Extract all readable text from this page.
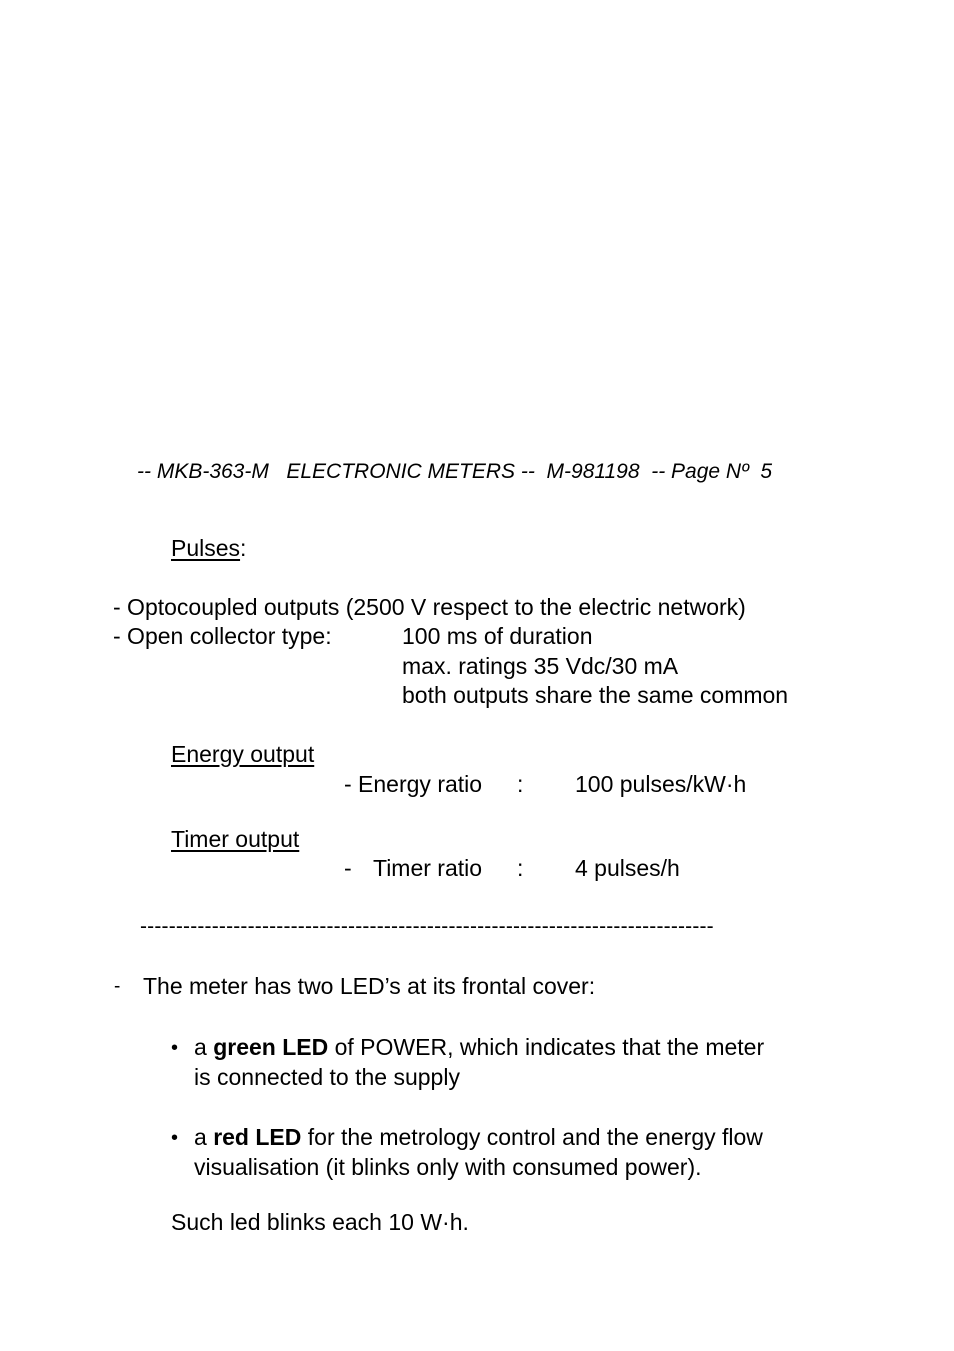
-- MKB-363-M   ELECTRONIC METERS --  M-981198  -- Page Nº  5
Pulses:
- Optocoupled outputs (2500 V respect to the electric network)
- Open collector type:	100 ms of duration
max. ratings 35 Vdc/30 mA
both outputs share the same common
Energy output
- Energy ratio : 100 pulses/kW·h
Timer output
- Timer ratio : 4 pulses/h
--------------------------------------------------------------------------------
- The meter has two LED’s at its frontal cover:
• a green LED of POWER, which indicates that the meter
is connected to the supply
• a red LED for the metrology control and the energy flow
visualisation (it blinks only with consumed power).
Such led blinks each 10 W·h.
